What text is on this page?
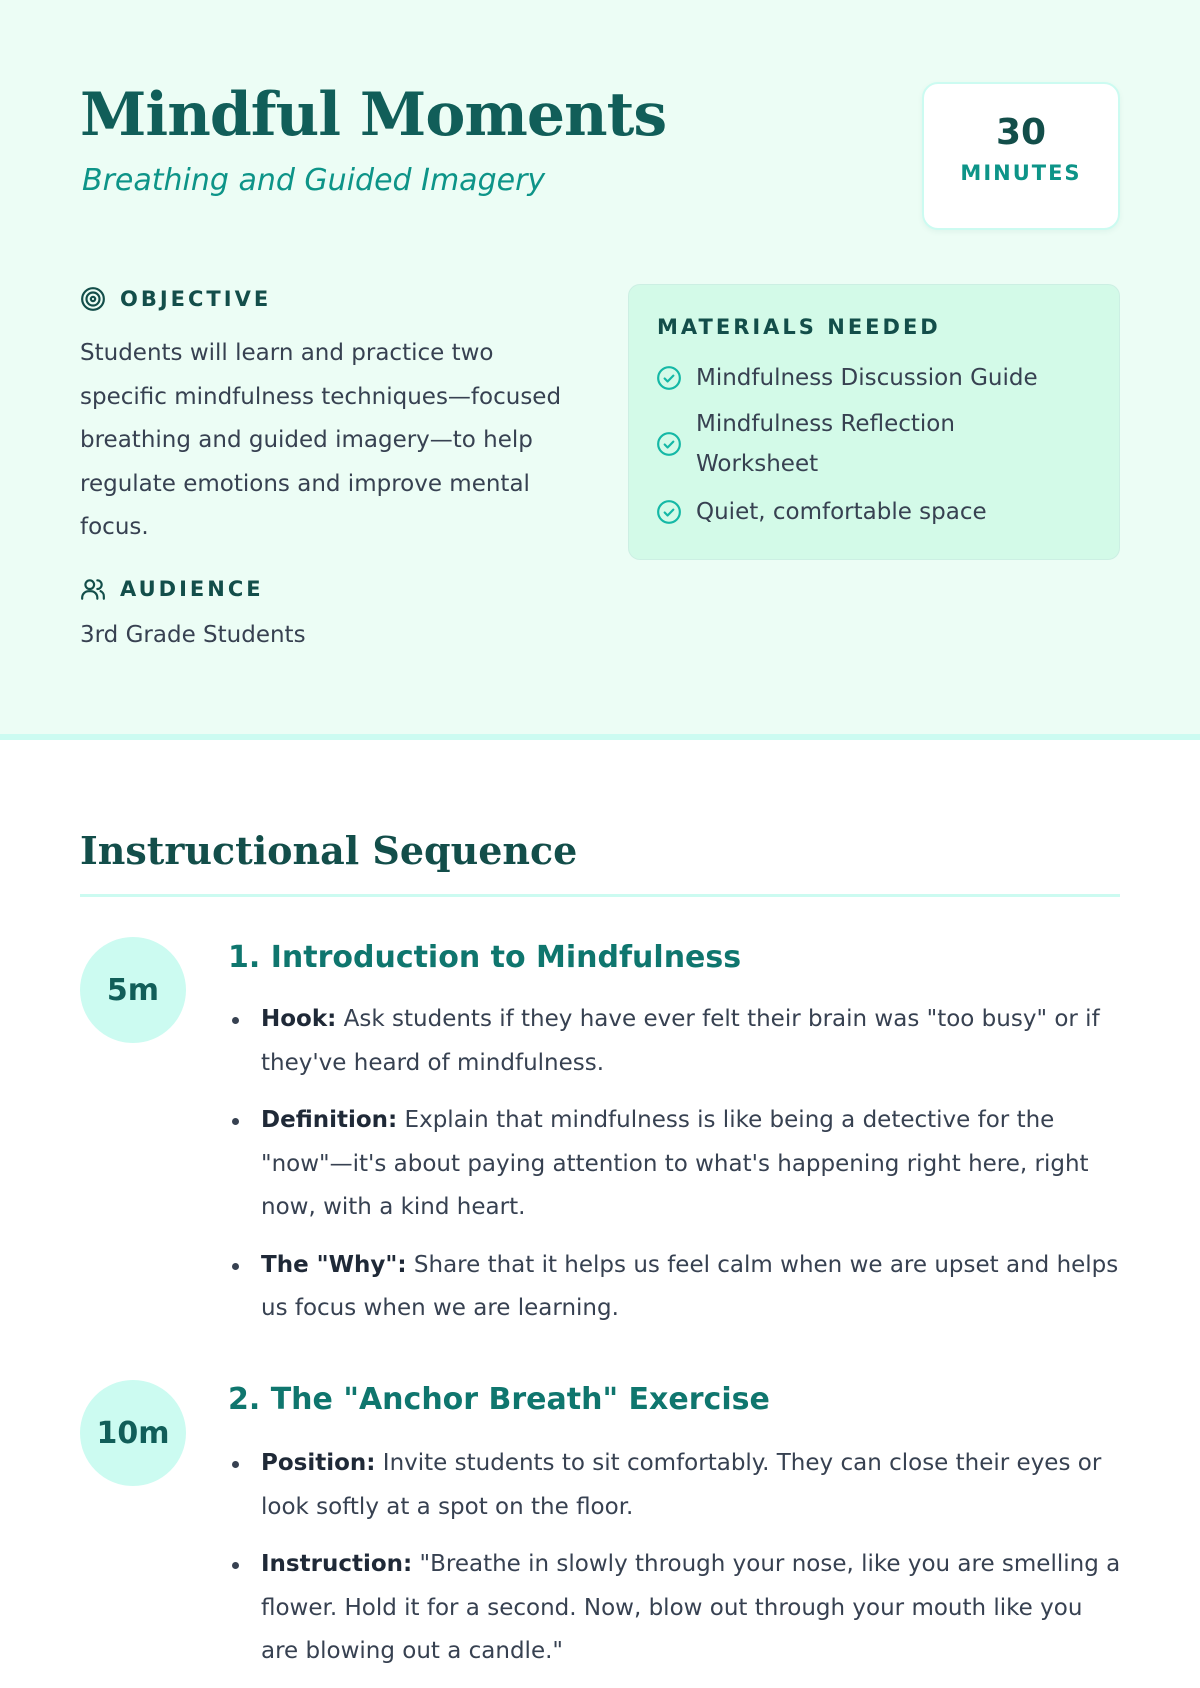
Mindful Moments
Breathing and Guided Imagery
30
MINUTES
OBJECTIVE

Students will learn and practice two specific mindfulness techniques—focused breathing and guided imagery—to help regulate emotions and improve mental focus.

AUDIENCE

3rd Grade Students

MATERIALS NEEDED
Mindfulness Discussion Guide
Mindfulness Reflection Worksheet
Quiet, comfortable space
Instructional Sequence
5m
1. Introduction to Mindfulness
Hook: Ask students if they have ever felt their brain was "too busy" or if they've heard of mindfulness.
Definition: Explain that mindfulness is like being a detective for the "now"—it's about paying attention to what's happening right here, right now, with a kind heart.
The "Why": Share that it helps us feel calm when we are upset and helps us focus when we are learning.
10m
2. The "Anchor Breath" Exercise
Position: Invite students to sit comfortably. They can close their eyes or look softly at a spot on the floor.
Instruction: "Breathe in slowly through your nose, like you are smelling a flower. Hold it for a second. Now, blow out through your mouth like you are blowing out a candle."
